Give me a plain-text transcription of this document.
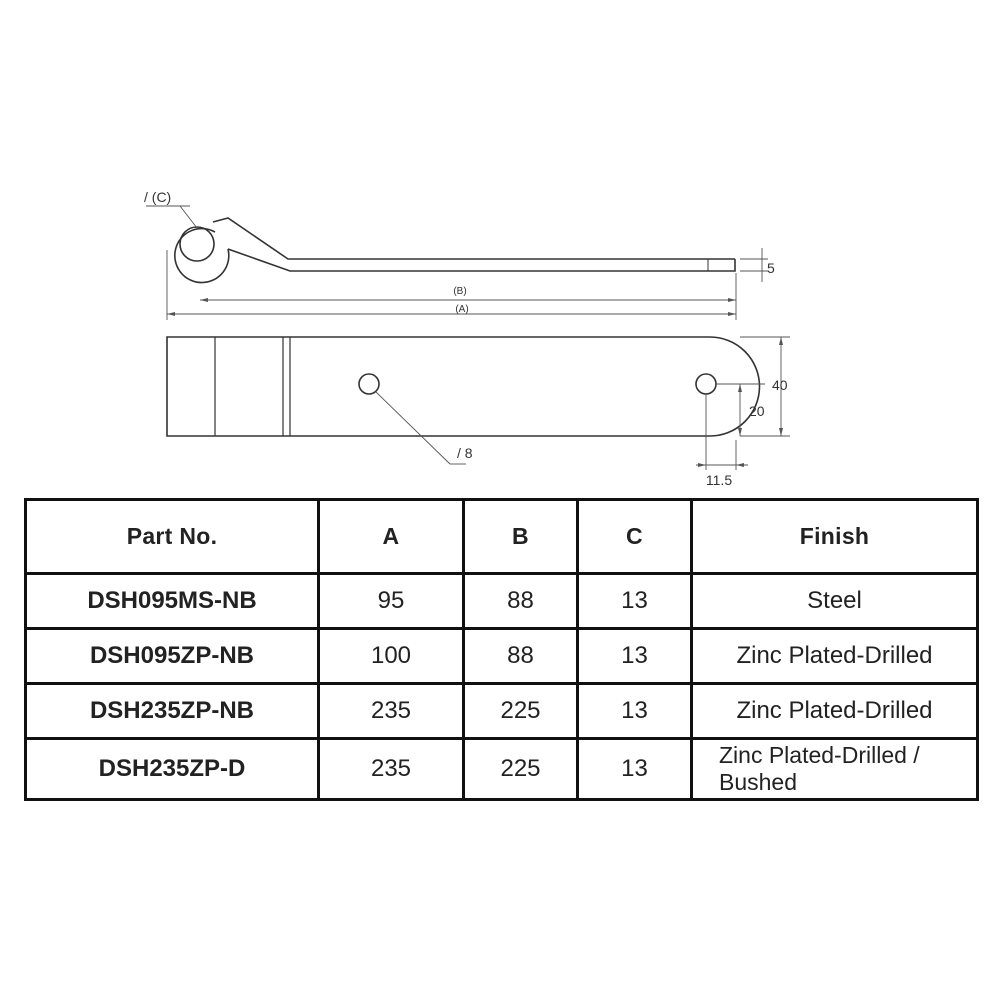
/ (C)
(B)
(A)
5
40
20
/ 8
11.5
Part No.	A	B	C	Finish
DSH095MS-NB	95	88	13	Steel
DSH095ZP-NB	100	88	13	Zinc Plated-Drilled
DSH235ZP-NB	235	225	13	Zinc Plated-Drilled
DSH235ZP-D	235	225	13	Zinc Plated-Drilled / Bushed
